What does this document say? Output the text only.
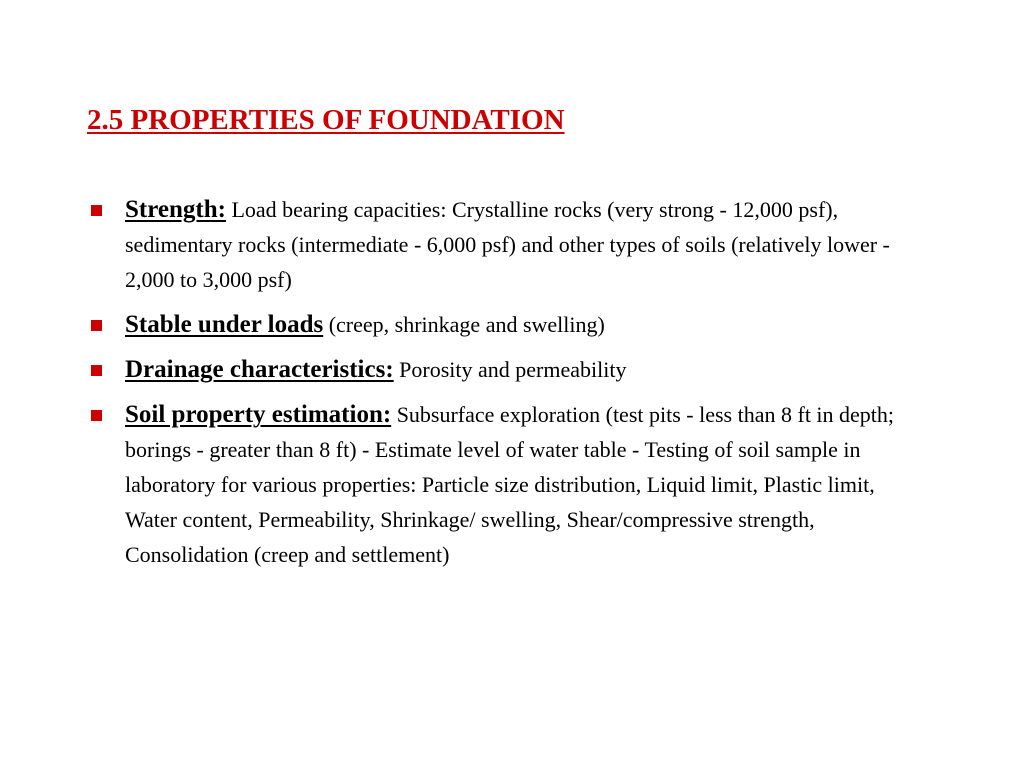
2.5 PROPERTIES OF FOUNDATION
Strength: Load bearing capacities: Crystalline rocks (very strong - 12,000 psf), sedimentary rocks (intermediate - 6,000 psf) and other types of soils (relatively lower - 2,000 to 3,000 psf)
Stable under loads (creep, shrinkage and swelling)
Drainage characteristics: Porosity and permeability
Soil property estimation: Subsurface exploration (test pits - less than 8 ft in depth; borings - greater than 8 ft) - Estimate level of water table - Testing of soil sample in laboratory for various properties: Particle size distribution, Liquid limit, Plastic limit, Water content, Permeability, Shrinkage/ swelling, Shear/compressive strength, Consolidation (creep and settlement)
